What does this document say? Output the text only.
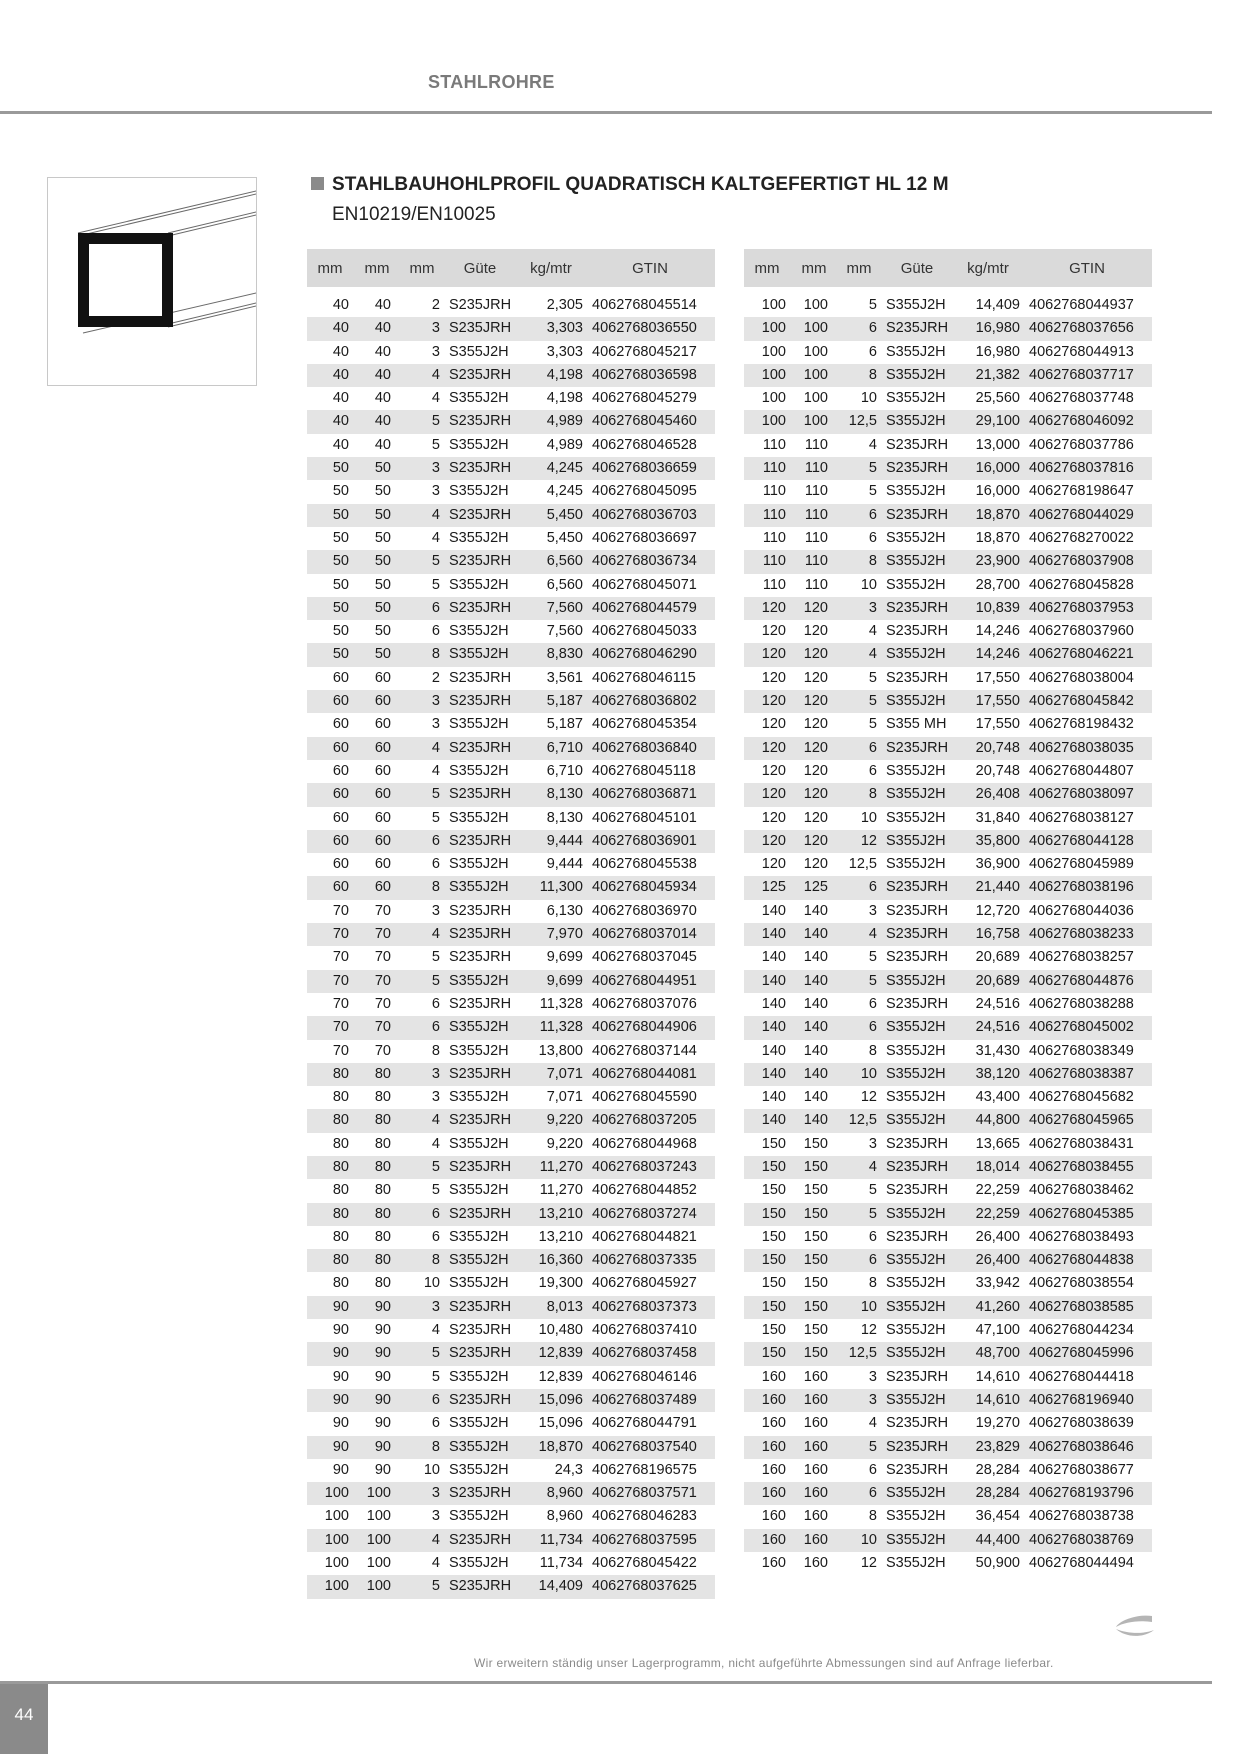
STAHLROHRE
STAHLBAUHOHLPROFIL QUADRATISCH KALTGEFERTIGT HL 12 M
EN10219/EN10025
mm	mm	mm	Güte	kg/mtr	GTIN

40	40	2	S235JRH	2,305	4062768045514
40	40	3	S235JRH	3,303	4062768036550
40	40	3	S355J2H	3,303	4062768045217
40	40	4	S235JRH	4,198	4062768036598
40	40	4	S355J2H	4,198	4062768045279
40	40	5	S235JRH	4,989	4062768045460
40	40	5	S355J2H	4,989	4062768046528
50	50	3	S235JRH	4,245	4062768036659
50	50	3	S355J2H	4,245	4062768045095
50	50	4	S235JRH	5,450	4062768036703
50	50	4	S355J2H	5,450	4062768036697
50	50	5	S235JRH	6,560	4062768036734
50	50	5	S355J2H	6,560	4062768045071
50	50	6	S235JRH	7,560	4062768044579
50	50	6	S355J2H	7,560	4062768045033
50	50	8	S355J2H	8,830	4062768046290
60	60	2	S235JRH	3,561	4062768046115
60	60	3	S235JRH	5,187	4062768036802
60	60	3	S355J2H	5,187	4062768045354
60	60	4	S235JRH	6,710	4062768036840
60	60	4	S355J2H	6,710	4062768045118
60	60	5	S235JRH	8,130	4062768036871
60	60	5	S355J2H	8,130	4062768045101
60	60	6	S235JRH	9,444	4062768036901
60	60	6	S355J2H	9,444	4062768045538
60	60	8	S355J2H	11,300	4062768045934
70	70	3	S235JRH	6,130	4062768036970
70	70	4	S235JRH	7,970	4062768037014
70	70	5	S235JRH	9,699	4062768037045
70	70	5	S355J2H	9,699	4062768044951
70	70	6	S235JRH	11,328	4062768037076
70	70	6	S355J2H	11,328	4062768044906
70	70	8	S355J2H	13,800	4062768037144
80	80	3	S235JRH	7,071	4062768044081
80	80	3	S355J2H	7,071	4062768045590
80	80	4	S235JRH	9,220	4062768037205
80	80	4	S355J2H	9,220	4062768044968
80	80	5	S235JRH	11,270	4062768037243
80	80	5	S355J2H	11,270	4062768044852
80	80	6	S235JRH	13,210	4062768037274
80	80	6	S355J2H	13,210	4062768044821
80	80	8	S355J2H	16,360	4062768037335
80	80	10	S355J2H	19,300	4062768045927
90	90	3	S235JRH	8,013	4062768037373
90	90	4	S235JRH	10,480	4062768037410
90	90	5	S235JRH	12,839	4062768037458
90	90	5	S355J2H	12,839	4062768046146
90	90	6	S235JRH	15,096	4062768037489
90	90	6	S355J2H	15,096	4062768044791
90	90	8	S355J2H	18,870	4062768037540
90	90	10	S355J2H	24,3	4062768196575
100	100	3	S235JRH	8,960	4062768037571
100	100	3	S355J2H	8,960	4062768046283
100	100	4	S235JRH	11,734	4062768037595
100	100	4	S355J2H	11,734	4062768045422
100	100	5	S235JRH	14,409	4062768037625
mm	mm	mm	Güte	kg/mtr	GTIN

100	100	5	S355J2H	14,409	4062768044937
100	100	6	S235JRH	16,980	4062768037656
100	100	6	S355J2H	16,980	4062768044913
100	100	8	S355J2H	21,382	4062768037717
100	100	10	S355J2H	25,560	4062768037748
100	100	12,5	S355J2H	29,100	4062768046092
110	110	4	S235JRH	13,000	4062768037786
110	110	5	S235JRH	16,000	4062768037816
110	110	5	S355J2H	16,000	4062768198647
110	110	6	S235JRH	18,870	4062768044029
110	110	6	S355J2H	18,870	4062768270022
110	110	8	S355J2H	23,900	4062768037908
110	110	10	S355J2H	28,700	4062768045828
120	120	3	S235JRH	10,839	4062768037953
120	120	4	S235JRH	14,246	4062768037960
120	120	4	S355J2H	14,246	4062768046221
120	120	5	S235JRH	17,550	4062768038004
120	120	5	S355J2H	17,550	4062768045842
120	120	5	S355 MH	17,550	4062768198432
120	120	6	S235JRH	20,748	4062768038035
120	120	6	S355J2H	20,748	4062768044807
120	120	8	S355J2H	26,408	4062768038097
120	120	10	S355J2H	31,840	4062768038127
120	120	12	S355J2H	35,800	4062768044128
120	120	12,5	S355J2H	36,900	4062768045989
125	125	6	S235JRH	21,440	4062768038196
140	140	3	S235JRH	12,720	4062768044036
140	140	4	S235JRH	16,758	4062768038233
140	140	5	S235JRH	20,689	4062768038257
140	140	5	S355J2H	20,689	4062768044876
140	140	6	S235JRH	24,516	4062768038288
140	140	6	S355J2H	24,516	4062768045002
140	140	8	S355J2H	31,430	4062768038349
140	140	10	S355J2H	38,120	4062768038387
140	140	12	S355J2H	43,400	4062768045682
140	140	12,5	S355J2H	44,800	4062768045965
150	150	3	S235JRH	13,665	4062768038431
150	150	4	S235JRH	18,014	4062768038455
150	150	5	S235JRH	22,259	4062768038462
150	150	5	S355J2H	22,259	4062768045385
150	150	6	S235JRH	26,400	4062768038493
150	150	6	S355J2H	26,400	4062768044838
150	150	8	S355J2H	33,942	4062768038554
150	150	10	S355J2H	41,260	4062768038585
150	150	12	S355J2H	47,100	4062768044234
150	150	12,5	S355J2H	48,700	4062768045996
160	160	3	S235JRH	14,610	4062768044418
160	160	3	S355J2H	14,610	4062768196940
160	160	4	S235JRH	19,270	4062768038639
160	160	5	S235JRH	23,829	4062768038646
160	160	6	S235JRH	28,284	4062768038677
160	160	6	S355J2H	28,284	4062768193796
160	160	8	S355J2H	36,454	4062768038738
160	160	10	S355J2H	44,400	4062768038769
160	160	12	S355J2H	50,900	4062768044494
Wir erweitern ständig unser Lagerprogramm, nicht aufgeführte Abmessungen sind auf Anfrage lieferbar.
44
